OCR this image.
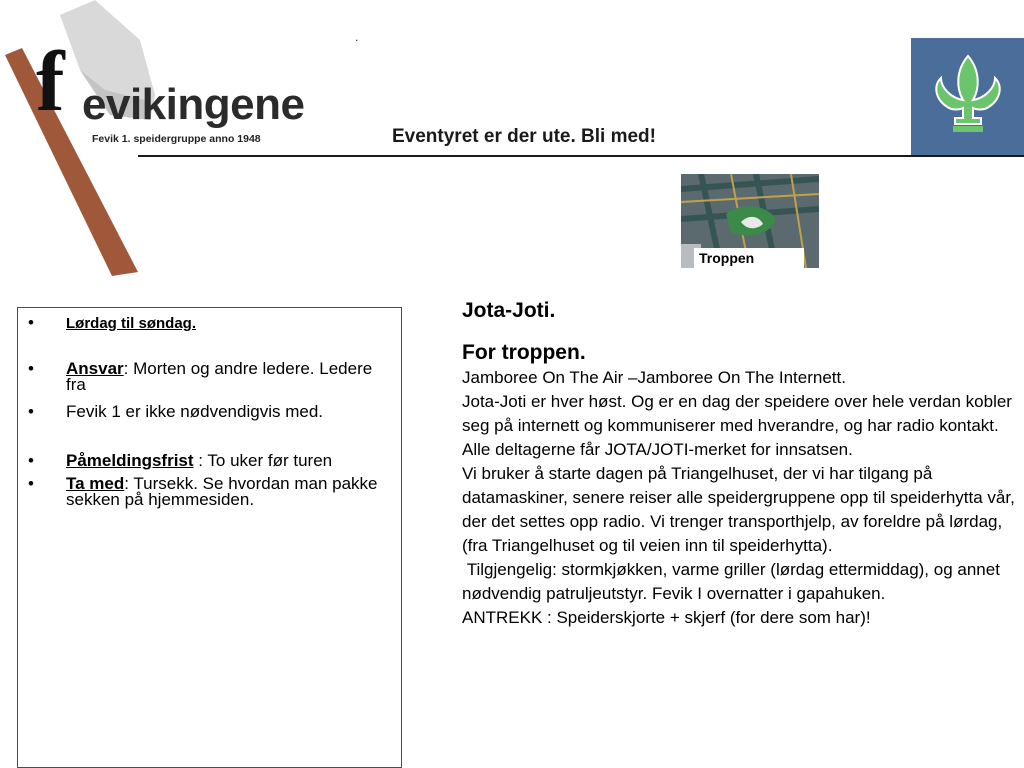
f evikingene
Fevik 1. speidergruppe anno 1948
.
Eventyret er der ute. Bli med!
Troppen
• Lørdag til søndag.
• Ansvar: Morten og andre ledere. Ledere fra
• Fevik 1 er ikke nødvendigvis med.
• Påmeldingsfrist : To uker før turen
• Ta med: Tursekk. Se hvordan man pakke sekken på hjemmesiden.
Jota-Joti.
For troppen.

Jamboree On The Air –Jamboree On The Internett.

Jota-Joti er hver høst. Og er en dag der speidere over hele verdan kobler seg på internett og kommuniserer med hverandre, og har radio kontakt.

Alle deltagerne får JOTA/JOTI-merket for innsatsen.

Vi bruker å starte dagen på Triangelhuset, der vi har tilgang på datamaskiner, senere reiser alle speidergruppene opp til speiderhytta vår, der det settes opp radio. Vi trenger transporthjelp, av foreldre på lørdag, (fra Triangelhuset og til veien inn til speiderhytta).

Tilgjengelig: stormkjøkken, varme griller (lørdag ettermiddag), og annet nødvendig patruljeutstyr. Fevik I overnatter i gapahuken.

ANTREKK : Speiderskjorte + skjerf (for dere som har)!
